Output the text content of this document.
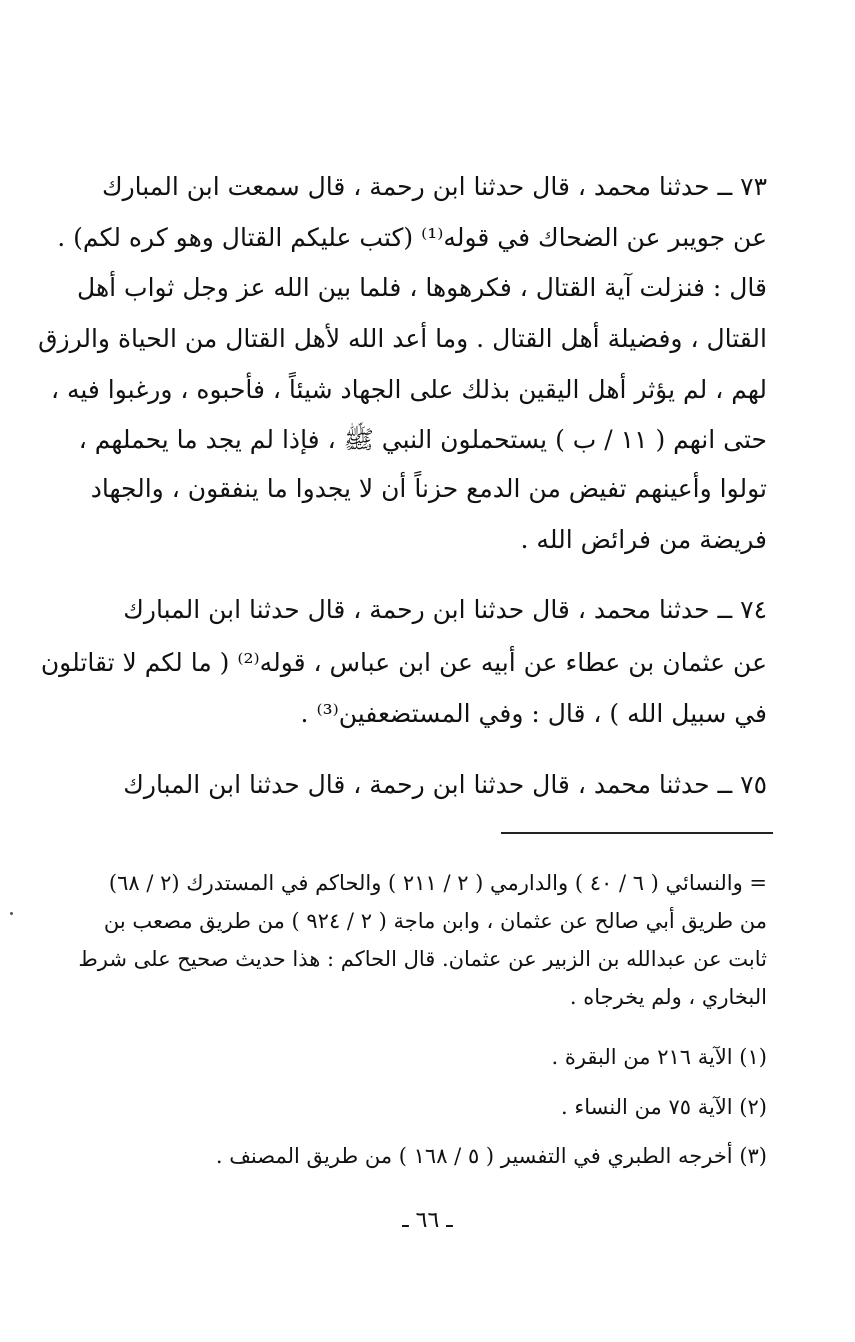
٧٣ ــ حدثنا محمد ، قال حدثنا ابن رحمة ، قال سمعت ابن المبارك
عن جويبر عن الضحاك في قوله⁽¹⁾ (كتب عليكم القتال وهو كره لكم) .
قال : فنزلت آية القتال ، فكرهوها ، فلما بين الله عز وجل ثواب أهل
القتال ، وفضيلة أهل القتال . وما أعد الله لأهل القتال من الحياة والرزق
لهم ، لم يؤثر أهل اليقين بذلك على الجهاد شيئاً ، فأحبوه ، ورغبوا فيه ،
حتى انهم ( ١١ / ب ) يستحملون النبي ﷺ ، فإذا لم يجد ما يحملهم ،
تولوا وأعينهم تفيض من الدمع حزناً أن لا يجدوا ما ينفقون ، والجهاد
فريضة من فرائض الله .
٧٤ ــ حدثنا محمد ، قال حدثنا ابن رحمة ، قال حدثنا ابن المبارك
عن عثمان بن عطاء عن أبيه عن ابن عباس ، قوله⁽²⁾ ( ما لكم لا تقاتلون
في سبيل الله ) ، قال : وفي المستضعفين⁽³⁾ .
٧٥ ــ حدثنا محمد ، قال حدثنا ابن رحمة ، قال حدثنا ابن المبارك
= والنسائي ( ٦ / ٤٠ ) والدارمي ( ٢ / ٢١١ ) والحاكم في المستدرك (٢ / ٦٨)
من طريق أبي صالح عن عثمان ، وابن ماجة ( ٢ / ٩٢٤ ) من طريق مصعب بن
ثابت عن عبدالله بن الزبير عن عثمان. قال الحاكم : هذا حديث صحيح على شرط
البخاري ، ولم يخرجاه .
(١) الآية ٢١٦ من البقرة .
(٢) الآية ٧٥ من النساء .
(٣) أخرجه الطبري في التفسير ( ٥ / ١٦٨ ) من طريق المصنف .
ـ ٦٦ ـ
